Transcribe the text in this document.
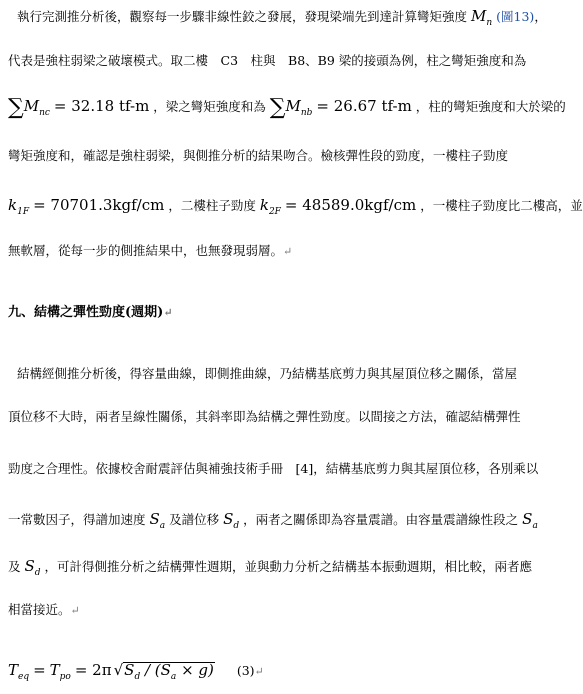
執行完測推分析後，觀察每一步驟非線性鉸之發展，發現梁端先到達計算彎矩強度 $M_n$ (圖13)，
代表是強柱弱梁之破壞模式。取二樓　C3　柱與　B8、B9 梁的接頭為例，柱之彎矩強度和為
$\sum M_{nc} = 32.18$ tf-m ，梁之彎矩強度和為 $\sum M_{nb} = 26.67$ tf-m ，柱的彎矩強度和大於梁的
彎矩強度和，確認是強柱弱梁，與側推分析的結果吻合。檢核彈性段的勁度，一樓柱子勁度
$k_{1F} = 70701.3kgf/cm$ ，二樓柱子勁度 $k_{2F} = 48589.0kgf/cm$ ，一樓柱子勁度比二樓高，並
無軟層，從每一步的側推結果中，也無發現弱層。↵
九、結構之彈性勁度(週期)↵
結構經側推分析後，得容量曲線，即側推曲線，乃結構基底剪力與其屋頂位移之關係，當屋
頂位移不大時，兩者呈線性關係，其斜率即為結構之彈性勁度。以間接之方法，確認結構彈性
勁度之合理性。依據校舍耐震評估與補強技術手冊　[4]，結構基底剪力與其屋頂位移，各別乘以
一常數因子，得譜加速度 $S_a$ 及譜位移 $S_d$ ，兩者之關係即為容量震譜。由容量震譜線性段之 $S_a$
及 $S_d$ ，可計得側推分析之結構彈性週期，並與動力分析之結構基本振動週期，相比較，兩者應
相當接近。↵
$T_{eq} = T_{po} = 2\pi$ $√S_d / (S_a \times g)$ (3)↵
